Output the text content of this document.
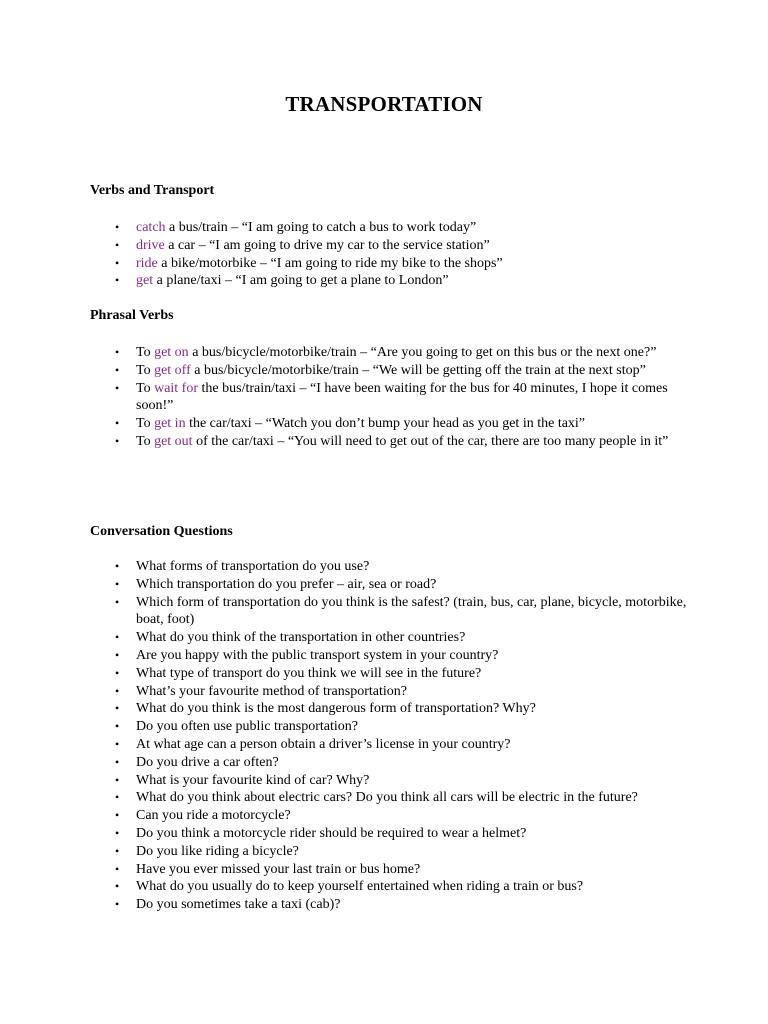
TRANSPORTATION
Verbs and Transport
• catch a bus/train – “I am going to catch a bus to work today”
• drive a car – “I am going to drive my car to the service station”
• ride a bike/motorbike – “I am going to ride my bike to the shops”
• get a plane/taxi – “I am going to get a plane to London”
Phrasal Verbs
• To get on a bus/bicycle/motorbike/train – “Are you going to get on this bus or the next one?”
• To get off a bus/bicycle/motorbike/train – “We will be getting off the train at the next stop”
• To wait for the bus/train/taxi – “I have been waiting for the bus for 40 minutes, I hope it comes soon!”
• To get in the car/taxi – “Watch you don’t bump your head as you get in the taxi”
• To get out of the car/taxi – “You will need to get out of the car, there are too many people in it”
Conversation Questions
• What forms of transportation do you use?
• Which transportation do you prefer – air, sea or road?
• Which form of transportation do you think is the safest? (train, bus, car, plane, bicycle, motorbike, boat, foot)
• What do you think of the transportation in other countries?
• Are you happy with the public transport system in your country?
• What type of transport do you think we will see in the future?
• What’s your favourite method of transportation?
• What do you think is the most dangerous form of transportation? Why?
• Do you often use public transportation?
• At what age can a person obtain a driver’s license in your country?
• Do you drive a car often?
• What is your favourite kind of car? Why?
• What do you think about electric cars? Do you think all cars will be electric in the future?
• Can you ride a motorcycle?
• Do you think a motorcycle rider should be required to wear a helmet?
• Do you like riding a bicycle?
• Have you ever missed your last train or bus home?
• What do you usually do to keep yourself entertained when riding a train or bus?
• Do you sometimes take a taxi (cab)?
